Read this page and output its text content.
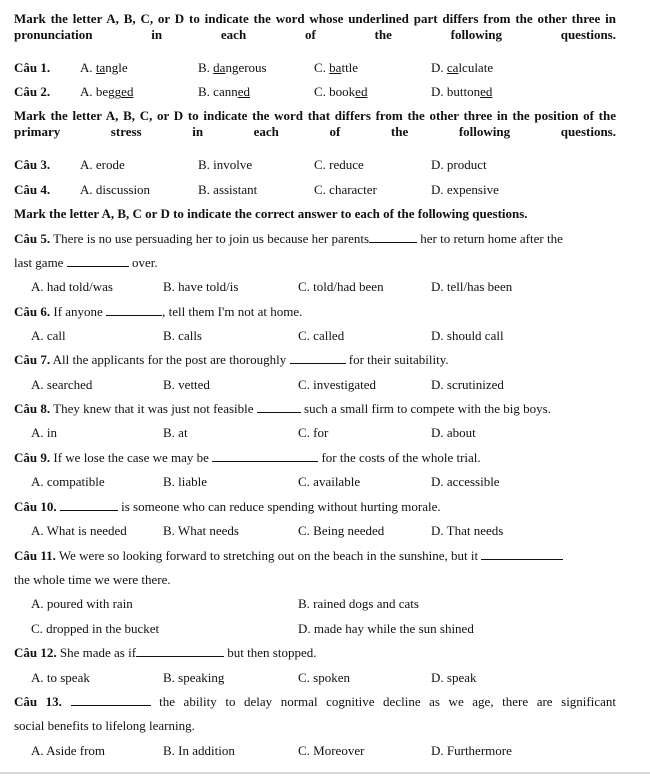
Mark the letter A, B, C, or D to indicate the word whose underlined part differs from the other three in pronunciation in each of the following questions.
Câu 1. A. tangle	B. dangerous	C. battle	D. calculate
Câu 2. A. begged	B. canned	C. booked	D. buttoned
Mark the letter A, B, C, or D to indicate the word that differs from the other three in the position of the primary stress in each of the following questions.
Câu 3. A. erode	B. involve	C. reduce	D. product
Câu 4. A. discussion	B. assistant	C. character	D. expensive
Mark the letter A, B, C or D to indicate the correct answer to each of the following questions.
Câu 5. There is no use persuading her to join us because her parents	her to return home after the
last game	over.
A. had told/was	B. have told/is	C. told/had been	D. tell/has been
Câu 6. If anyone	, tell them I'm not at home.
A. call	B. calls	C. called	D. should call
Câu 7. All the applicants for the post are thoroughly	for their suitability.
A. searched	B. vetted	C. investigated	D. scrutinized
Câu 8. They knew that it was just not feasible	such a small firm to compete with the big boys.
A. in	B. at	C. for	D. about
Câu 9. If we lose the case we may be	for the costs of the whole trial.
A. compatible	B. liable	C. available	D. accessible
Câu 10.	is someone who can reduce spending without hurting morale.
A. What is needed	B. What needs	C. Being needed	D. That needs
Câu 11. We were so looking forward to stretching out on the beach in the sunshine, but it
the whole time we were there.
A. poured with rain	B. rained dogs and cats
C. dropped in the bucket	D. made hay while the sun shined
Câu 12. She made as if	but then stopped.
A. to speak	B. speaking	C. spoken	D. speak
Câu 13.	the ability to delay normal cognitive decline as we age, there are significant
social benefits to lifelong learning.
A. Aside from	B. In addition	C. Moreover	D. Furthermore
